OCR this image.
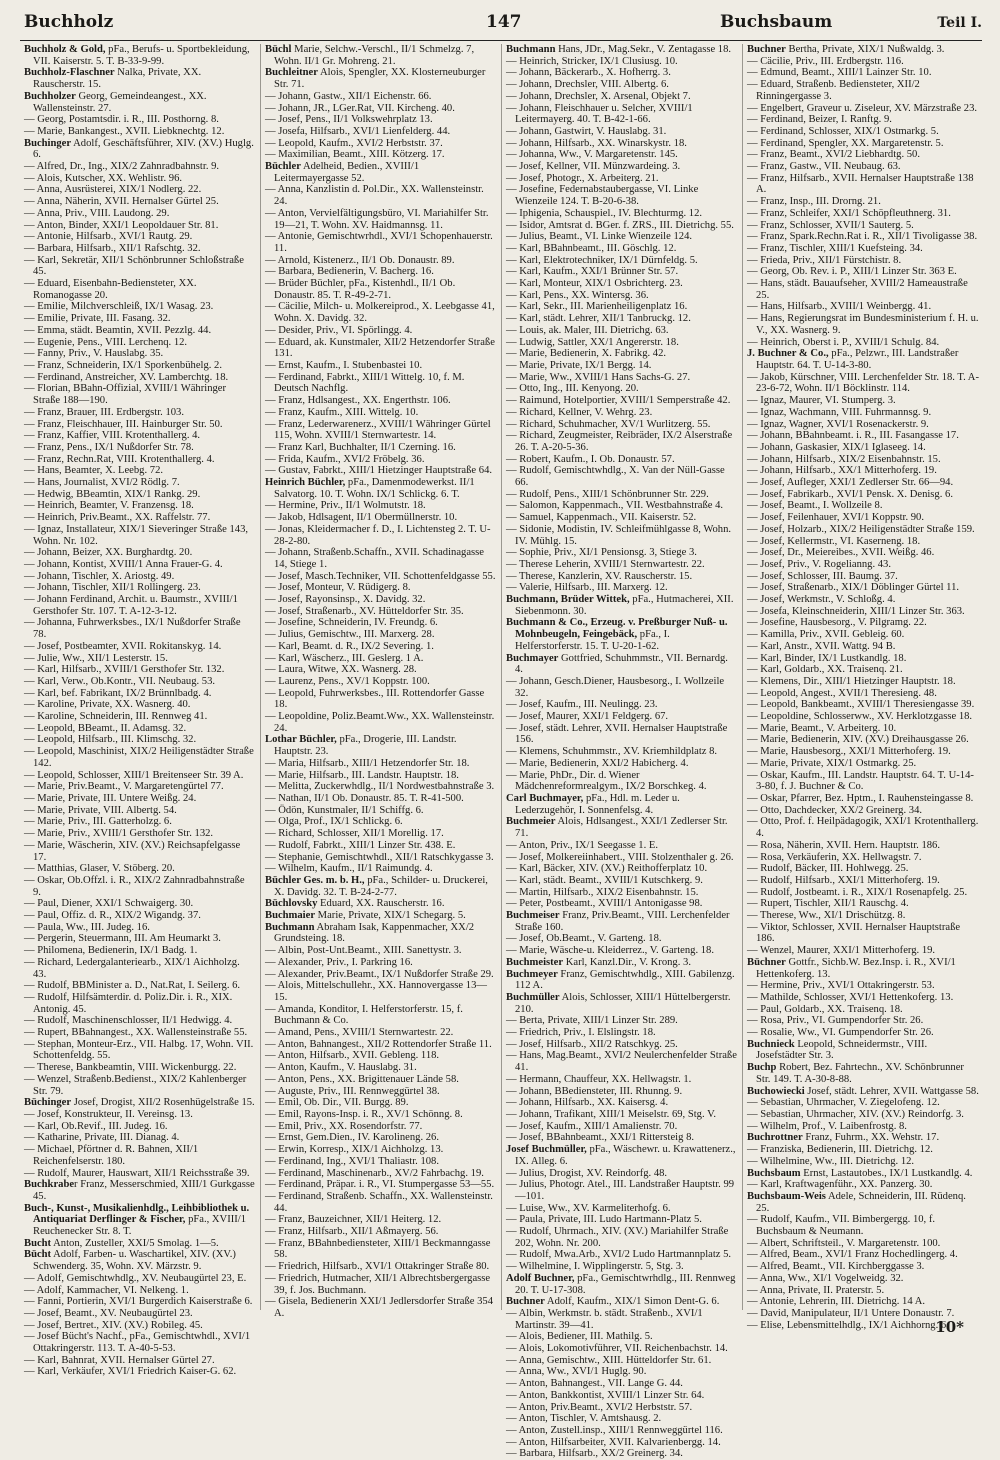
Buchholz	147	Buchsbaum	Teil I.
Buchholz & Gold, pFa., Berufs- u. Sportbekleidung, VII. Kaiserstr. 5. T. B-33-9-99.
Buchholz-Flaschner Nalka, Private, XX. Rauscherstr. 15.
Buchholzer Georg, Gemeindeangest., XX. Wallensteinstr. 27.
— Georg, Postamtsdir. i. R., III. Posthorng. 8.
— Marie, Bankangest., XVII. Liebknechtg. 12.
Buchinger Adolf, Geschäftsführer, XIV. (XV.) Huglg. 6.
— Alfred, Dr., Ing., XIX/2 Zahnradbahnstr. 9.
— Alois, Kutscher, XX. Wehlistr. 96.
— Anna, Ausrüsterei, XIX/1 Nodlerg. 22.
— Anna, Näherin, XVII. Hernalser Gürtel 25.
— Anna, Priv., VIII. Laudong. 29.
— Anton, Binder, XXI/1 Leopoldauer Str. 81.
— Antonie, Hilfsarb., XVI/1 Rautg. 29.
— Barbara, Hilfsarb., XII/1 Rafschtg. 32.
— Karl, Sekretär, XII/1 Schönbrunner Schloßstraße 45.
— Eduard, Eisenbahn-Bediensteter, XX. Romanogasse 20.
— Emilie, Milchverschleiß, IX/1 Wasag. 23.
— Emilie, Private, III. Fasang. 32.
— Emma, städt. Beamtin, XVII. Pezzlg. 44.
— Eugenie, Pens., VIII. Lerchenq. 12.
— Fanny, Priv., V. Hauslabg. 35.
— Franz, Schneiderin, IX/1 Sporkenbühelg. 2.
— Ferdinand, Anstreicher, XV. Lamberchtg. 18.
— Florian, BBahn-Offizial, XVIII/1 Währinger Straße 188—190.
— Franz, Brauer, III. Erdbergstr. 103.
— Franz, Fleischhauer, III. Hainburger Str. 50.
— Franz, Kaffier, VIII. Krotenthallerg. 4.
— Franz, Pens., IX/1 Nußdorfer Str. 78.
— Franz, Rechn.Rat, VIII. Krotenthallerg. 4.
— Hans, Beamter, X. Leebg. 72.
— Hans, Journalist, XVI/2 Rödlg. 7.
— Hedwig, BBeamtin, XIX/1 Rankg. 29.
— Heinrich, Beamter, V. Franzensg. 18.
— Heinrich, Priv.Beamt., XX. Raffelstr. 77.
— Ignaz, Installateur, XIX/1 Sieveringer Straße 143, Wohn. Nr. 102.
— Johann, Beizer, XX. Burghardtg. 20.
— Johann, Kontist, XVIII/1 Anna Frauer-G. 4.
— Johann, Tischler, X. Ariostg. 49.
— Johann, Tischler, XII/1 Rollingerg. 23.
— Johann Ferdinand, Archit. u. Baumstr., XVIII/1 Gersthofer Str. 107. T. A-12-3-12.
— Johanna, Fuhrwerksbes., IX/1 Nußdorfer Straße 78.
— Josef, Postbeamter, XVII. Rokitanskyg. 14.
— Julie, Ww., XII/1 Lesterstr. 15.
— Karl, Hilfsarb., XVIII/1 Gersthofer Str. 132.
— Karl, Verw., Ob.Kontr., VII. Neubaug. 53.
— Karl, bef. Fabrikant, IX/2 Brünnlbadg. 4.
— Karoline, Private, XX. Wasnerg. 40.
— Karoline, Schneiderin, III. Rennweg 41.
— Leopold, BBeamt., II. Adamsg. 32.
— Leopold, Hilfsarb., III. Klimschg. 32.
— Leopold, Maschinist, XIX/2 Heiligenstädter Straße 142.
— Leopold, Schlosser, XIII/1 Breitenseer Str. 39 A.
— Marie, Priv.Beamt., V. Margaretengürtel 77.
— Marie, Private, III. Untere Weißg. 24.
— Marie, Private, VIII. Albertg. 54.
— Marie, Priv., III. Gatterholzg. 6.
— Marie, Priv., XVIII/1 Gersthofer Str. 132.
— Marie, Wäscherin, XIV. (XV.) Reichsapfelgasse 17.
— Matthias, Glaser, V. Stöberg. 20.
— Oskar, Ob.Offzl. i. R., XIX/2 Zahnradbahnstraße 9.
— Paul, Diener, XXI/1 Schwaigerg. 30.
— Paul, Offiz. d. R., XIX/2 Wigandg. 37.
— Paula, Ww., III. Judeg. 16.
— Pergerin, Steuermann, III. Am Heumarkt 3.
— Philomena, Bedienerin, IX/1 Badg. 1.
— Richard, Ledergalanteriearb., XIX/1 Aichholzg. 43.
— Rudolf, BBMinister a. D., Nat.Rat, I. Seilerg. 6.
— Rudolf, Hilfsämterdir. d. Poliz.Dir. i. R., XIX. Antonig. 45.
— Rudolf, Maschinenschlosser, II/1 Hedwigg. 4.
— Rupert, BBahnangest., XX. Wallensteinstraße 55.
— Stephan, Monteur-Erz., VII. Halbg. 17, Wohn. VII. Schottenfeldg. 55.
— Therese, Bankbeamtin, VIII. Wickenburgg. 22.
— Wenzel, Straßenb.Bedienst., XIX/2 Kahlenberger Str. 79.
Büchinger Josef, Drogist, XII/2 Rosenhügelstraße 15.
— Josef, Konstrukteur, II. Vereinsg. 13.
— Karl, Ob.Revif., III. Judeg. 16.
— Katharine, Private, III. Dianag. 4.
— Michael, Pförtner d. R. Bahnen, XII/1 Reichenfelserstr. 180.
— Rudolf, Maurer, Hauswart, XII/1 Reichsstraße 39.
Buchkraber Franz, Messerschmied, XIII/1 Gurkgasse 45.
Buch-, Kunst-, Musikalienhdlg., Leihbibliothek u. Antiquariat Derflinger & Fischer, pFa., XVIII/1 Reuchenecker Str. 8. T.
Bucht Anton, Zusteller, XXI/5 Smolag. 1—5.
Bücht Adolf, Farben- u. Waschartikel, XIV. (XV.) Schwenderg. 35, Wohn. XV. Märzstr. 9.
— Adolf, Gemischtwhdlg., XV. Neubaugürtel 23, E.
— Adolf, Kammacher, VI. Nelkeng. 1.
— Fanni, Portierin, XVI/1 Burgerdich Kaiserstraße 6.
— Josef, Beamt., XV. Neubaugürtel 23.
— Josef, Bertret., XIV. (XV.) Robileg. 45.
— Josef Bücht's Nachf., pFa., Gemischtwhdl., XVI/1 Ottakringerstr. 113. T. A-40-5-53.
— Karl, Bahnrat, XVII. Hernalser Gürtel 27.
— Karl, Verkäufer, XVI/1 Friedrich Kaiser-G. 62.
Büchl Marie, Selchw.-Verschl., II/1 Schmelzg. 7, Wohn. II/1 Gr. Mohreng. 21.
Buchleitner Alois, Spengler, XX. Klosterneuburger Str. 71.
— Johann, Gastw., XII/1 Eichenstr. 66.
— Johann, JR., LGer.Rat, VII. Kircheng. 40.
— Josef, Pens., II/1 Volkswehrplatz 13.
— Josefa, Hilfsarb., XVI/1 Lienfelderg. 44.
— Leopold, Kaufm., XVI/2 Herbststr. 37.
— Maximilian, Beamt., XIII. Kötzerg. 17.
Büchler Adelheid, Bedien., XVIII/1 Leitermayergasse 52.
— Anna, Kanzlistin d. Pol.Dir., XX. Wallensteinstr. 24.
— Anton, Vervielfältigungsbüro, VI. Mariahilfer Str. 19—21, T. Wohn. XV. Haidmannsg. 11.
— Antonie, Gemischtwrhdl., XVI/1 Schopenhauerstr. 11.
— Arnold, Kistenerz., II/1 Ob. Donaustr. 89.
— Barbara, Bedienerin, V. Bacherg. 16.
— Brüder Büchler, pFa., Kistenhdl., II/1 Ob. Donaustr. 85. T. R-49-2-71.
— Cäcilie, Milch- u. Molkereiprod., X. Leebgasse 41, Wohn. X. Davidg. 32.
— Desider, Priv., VI. Spörlingg. 4.
— Eduard, ak. Kunstmaler, XII/2 Hetzendorfer Straße 131.
— Ernst, Kaufm., I. Stubenbastei 10.
— Ferdinand, Fabrkt., XIII/1 Wittelg. 10, f. M. Deutsch Nachflg.
— Franz, Hdlsangest., XX. Engerthstr. 106.
— Franz, Kaufm., XIII. Wittelg. 10.
— Franz, Lederwarenerz., XVIII/1 Währinger Gürtel 115, Wohn. XVIII/1 Sternwartestr. 14.
— Franz Karl, Buchhalter, II/1 Czerning. 16.
— Frida, Kaufm., XVI/2 Fröbelg. 36.
— Gustav, Fabrkt., XIII/1 Hietzinger Hauptstraße 64.
Heinrich Büchler, pFa., Damenmodewerkst. II/1 Salvatorg. 10. T. Wohn. IX/1 Schlickg. 6. T.
— Hermine, Priv., II/1 Wolmutstr. 18.
— Jakob, Hdlsagent, II/1 Obermüllnerstr. 10.
— Jonas, Kleidermacher f. D., I. Lichtensteg 2. T. U-28-2-80.
— Johann, Straßenb.Schaffn., XVII. Schadinagasse 14, Stiege 1.
— Josef, Masch.Techniker, VII. Schottenfeldgasse 55.
— Josef, Monteur, V. Rüdigerg. 8.
— Josef, Rayonsinsp., X. Davidg. 32.
— Josef, Straßenarb., XV. Hütteldorfer Str. 35.
— Josefine, Schneiderin, IV. Freundg. 6.
— Julius, Gemischtw., III. Marxerg. 28.
— Karl, Beamt. d. R., IX/2 Severing. 1.
— Karl, Wäscherz., III. Geslerg. 1 A.
— Laura, Witwe, XX. Wasnerg. 28.
— Laurenz, Pens., XV/1 Koppstr. 100.
— Leopold, Fuhrwerksbes., III. Rottendorfer Gasse 18.
— Leopoldine, Poliz.Beamt.Ww., XX. Wallensteinstr. 24.
Lothar Büchler, pFa., Drogerie, III. Landstr. Hauptstr. 23.
— Maria, Hilfsarb., XIII/1 Hetzendorfer Str. 18.
— Marie, Hilfsarb., III. Landstr. Hauptstr. 18.
— Melitta, Zuckerwhdlg., II/1 Nordwestbahnstraße 3.
— Nathan, II/1 Ob. Donaustr. 85. T. R-41-500.
— Ödön, Kunstmaler, II/1 Schiffg. 6.
— Olga, Prof., IX/1 Schlickg. 6.
— Richard, Schlosser, XII/1 Morellig. 17.
— Rudolf, Fabrkt., XIII/1 Linzer Str. 438. E.
— Stephanie, Gemischtwhdl., XII/1 Ratschkygasse 3.
— Wilhelm, Kaufm., II/1 Raimundg. 4.
Büchler Ges. m. b. H., pFa., Schilder- u. Druckerei, X. Davidg. 32. T. B-24-2-77.
Büchlovsky Eduard, XX. Rauscherstr. 16.
Buchmaier Marie, Private, XIX/1 Schegarg. 5.
Buchmann Abraham Isak, Kappenmacher, XX/2 Grundsteing. 18.
— Albin, Post-Unt.Beamt., XIII. Sanettystr. 3.
— Alexander, Priv., I. Parkring 16.
— Alexander, Priv.Beamt., IX/1 Nußdorfer Straße 29.
— Alois, Mittelschullehr., XX. Hannovergasse 13—15.
— Amanda, Konditor, I. Helferstorferstr. 15, f. Buchmann & Co.
— Amand, Pens., XVIII/1 Sternwartestr. 22.
— Anton, Bahnangest., XII/2 Rottendorfer Straße 11.
— Anton, Hilfsarb., XVII. Gebleng. 118.
— Anton, Kaufm., V. Hauslabg. 31.
— Anton, Pens., XX. Brigittenauer Lände 58.
— Auguste, Priv., III. Rennweggürtel 38.
— Emil, Ob. Dir., VII. Burgg. 89.
— Emil, Rayons-Insp. i. R., XV/1 Schönng. 8.
— Emil, Priv., XX. Rosendorfstr. 77.
— Ernst, Gem.Dien., IV. Karolineng. 26.
— Erwin, Korresp., XIX/1 Aichholzg. 13.
— Ferdinand, Ing., XVI/1 Thaliastr. 108.
— Ferdinand, Maschinenarb., XV/2 Fahrbachg. 19.
— Ferdinand, Präpar. i. R., VI. Stumpergasse 53—55.
— Ferdinand, Straßenb. Schaffn., XX. Wallensteinstr. 44.
— Franz, Bauzeichner, XII/1 Heiterg. 12.
— Franz, Hilfsarb., XII/1 Aßmayerg. 56.
— Franz, BBahnbediensteter, XIII/1 Beckmanngasse 58.
— Friedrich, Hilfsarb., XVI/1 Ottakringer Straße 80.
— Friedrich, Hutmacher, XII/1 Albrechtsbergergasse 39, f. Jos. Buchmann.
— Gisela, Bedienerin XXI/1 Jedlersdorfer Straße 354 A.
Buchmann Hans, JDr., Mag.Sekr., V. Zentagasse 18.
— Heinrich, Stricker, IX/1 Clusiusg. 10.
— Johann, Bäckerarb., X. Hofherrg. 3.
— Johann, Drechsler, VIII. Albertg. 6.
— Johann, Drechsler, X. Arsenal, Objekt 7.
— Johann, Fleischhauer u. Selcher, XVIII/1 Leitermayerg. 40. T. B-42-1-66.
— Johann, Gastwirt, V. Hauslabg. 31.
— Johann, Hilfsarb., XX. Winarskystr. 18.
— Johanna, Ww., V. Margaretenstr. 145.
— Josef, Kellner, VII. Münzwardeing. 3.
— Josef, Photogr., X. Arbeiterg. 21.
— Josefine, Federnabstaubergasse, VI. Linke Wienzeile 124. T. B-20-6-38.
— Iphigenia, Schauspiel., IV. Blechturmg. 12.
— Isidor, Amtsrat d. BGer. f. ZRS., III. Dietrichg. 55.
— Julius, Beamt., VI. Linke Wienzeile 124.
— Karl, BBahnbeamt., III. Göschlg. 12.
— Karl, Elektrotechniker, IX/1 Dürnfeldg. 5.
— Karl, Kaufm., XXI/1 Brünner Str. 57.
— Karl, Monteur, XIX/1 Osbrichterg. 23.
— Karl, Pens., XX. Wintersg. 36.
— Karl, Sekr., III. Marienheiligenplatz 16.
— Karl, städt. Lehrer, XII/1 Tanbruckg. 12.
— Louis, ak. Maler, III. Dietrichg. 63.
— Ludwig, Sattler, XX/1 Angererstr. 18.
— Marie, Bedienerin, X. Fabrikg. 42.
— Marie, Private, IX/1 Bergg. 14.
— Marie, Ww., XVIII/1 Hans Sachs-G. 27.
— Otto, Ing., III. Kenyong. 20.
— Raimund, Hotelportier, XVIII/1 Semperstraße 42.
— Richard, Kellner, V. Wehrg. 23.
— Richard, Schuhmacher, XV/1 Wurlitzerg. 55.
— Richard, Zeugmeister, Reibräder, IX/2 Alserstraße 26. T. A-20-5-36.
— Robert, Kaufm., I. Ob. Donaustr. 57.
— Rudolf, Gemischtwhdlg., X. Van der Nüll-Gasse 66.
— Rudolf, Pens., XIII/1 Schönbrunner Str. 229.
— Salomon, Kappenmach., VII. Westbahnstraße 4.
— Samuel, Kappenmach., VII. Kaiserstr. 52.
— Sidonie, Modistin, IV. Schleifmühlgasse 8, Wohn. IV. Mühlg. 15.
— Sophie, Priv., XI/1 Pensionsg. 3, Stiege 3.
— Therese Leherin, XVIII/1 Sternwartestr. 22.
— Therese, Kanzlerin, XV. Rauscherstr. 15.
— Valerie, Hilfsarb., III. Marxerg. 12.
Buchmann, Brüder Wittek, pFa., Hutmacherei, XII. Siebenmonn. 30.
Buchmann & Co., Erzeug. v. Preßburger Nuß- u. Mohnbeugeln, Feingebäck, pFa., I. Helferstorferstr. 15. T. U-20-1-62.
Buchmayer Gottfried, Schuhmmstr., VII. Bernardg. 4.
— Johann, Gesch.Diener, Hausbesorg., I. Wollzeile 32.
— Josef, Kaufm., III. Neulingg. 23.
— Josef, Maurer, XXI/1 Feldgerg. 67.
— Josef, städt. Lehrer, XVII. Hernalser Hauptstraße 156.
— Klemens, Schuhmmstr., XV. Kriemhildplatz 8.
— Marie, Bedienerin, XXI/2 Habicherg. 4.
— Marie, PhDr., Dir. d. Wiener Mädchenreformrealgym., IX/2 Borschkeg. 4.
Carl Buchmayer, pFa., Hdl. m. Leder u. Lederzugehör, I. Sonnenfelsg. 4.
Buchmeier Alois, Hdlsangest., XXI/1 Zedlerser Str. 71.
— Anton, Priv., IX/1 Seegasse 1. E.
— Josef, Molkereiinhabert., VIII. Stolzenthaler g. 26.
— Karl, Bäcker, XIV. (XV.) Reithofferplatz 10.
— Karl, städt. Beamt., XVIII/1 Kutschkerg. 9.
— Martin, Hilfsarb., XIX/2 Eisenbahnstr. 15.
— Peter, Postbeamt., XVIII/1 Antonigasse 98.
Buchmeiser Franz, Priv.Beamt., VIII. Lerchenfelder Straße 160.
— Josef, Ob.Beamt., V. Garteng. 18.
— Marie, Wäsche-u. Kleiderrez., V. Garteng. 18.
Buchmeister Karl, Kanzl.Dir., V. Krong. 3.
Buchmeyer Franz, Gemischtwhdlg., XIII. Gabilenzg. 112 A.
Buchmüller Alois, Schlosser, XIII/1 Hüttelbergerstr. 210.
— Berta, Private, XIII/1 Linzer Str. 289.
— Friedrich, Priv., I. Elslingstr. 18.
— Josef, Hilfsarb., XII/2 Ratschkyg. 25.
— Hans, Mag.Beamt., XVI/2 Neulerchenfelder Straße 41.
— Hermann, Chauffeur, XX. Hellwagstr. 1.
— Johann, BBediensteter, III. Rhunng. 9.
— Johann, Hilfsarb., XX. Kaisersg. 4.
— Johann, Trafikant, XIII/1 Meiselstr. 69, Stg. V.
— Josef, Kaufm., XIII/1 Amalienstr. 70.
— Josef, BBahnbeamt., XXI/1 Rittersteig 8.
Josef Buchmüller, pFa., Wäschewr. u. Krawattenerz., IX. Alleg. 6.
— Julius, Drogist, XV. Reindorfg. 48.
— Julius, Photogr. Atel., III. Landstraßer Hauptstr. 99—101.
— Luise, Ww., XV. Karmeliterhofg. 6.
— Paula, Private, III. Ludo Hartmann-Platz 5.
— Rudolf, Uhrmach., XIV. (XV.) Mariahilfer Straße 202, Wohn. Nr. 200.
— Rudolf, Mwa.Arb., XVI/2 Ludo Hartmannplatz 5.
— Wilhelmine, I. Wipplingerstr. 5, Stg. 3.
Adolf Buchner, pFa., Gemischtwrhdlg., III. Rennweg 20. T. U-17-308.
Buchner Adolf, Kaufm., XIX/1 Simon Dent-G. 6.
— Albin, Werkmstr. b. städt. Straßenb., XVI/1 Martinstr. 39—41.
— Alois, Bediener, III. Mathilg. 5.
— Alois, Lokomotivführer, VII. Reichenbachstr. 14.
— Anna, Gemischtw., XIII. Hütteldorfer Str. 61.
— Anna, Ww., XVI/1 Huglg. 90.
— Anton, Bahnangest., VII. Lange G. 44.
— Anton, Bankkontist, XVIII/1 Linzer Str. 64.
— Anton, Priv.Beamt., XVI/2 Herbststr. 57.
— Anton, Tischler, V. Amtshausg. 2.
— Anton, Zustell.insp., XIII/1 Rennweggürtel 116.
— Anton, Hilfsarbeiter, XVII. Kalvarienbergg. 14.
— Barbara, Hilfsarb., XX/2 Greinerg. 34.
Buchner Bertha, Private, XIX/1 Nußwaldg. 3.
— Cäcilie, Priv., III. Erdbergstr. 116.
— Edmund, Beamt., XIII/1 Lainzer Str. 10.
— Eduard, Straßenb. Bediensteter, XII/2 Rinningergasse 3.
— Engelbert, Graveur u. Ziseleur, XV. Märzstraße 23.
— Ferdinand, Beizer, I. Ranftg. 9.
— Ferdinand, Schlosser, XIX/1 Ostmarkg. 5.
— Ferdinand, Spengler, XX. Margaretenstr. 5.
— Franz, Beamt., XVI/2 Liebhardtg. 50.
— Franz, Gastw., VII. Neubaug. 63.
— Franz, Hilfsarb., XVII. Hernalser Hauptstraße 138 A.
— Franz, Insp., III. Drorng. 21.
— Franz, Schleifer, XXI/1 Schöpfleuthnerg. 31.
— Franz, Schlosser, XVII/1 Sauterg. 5.
— Franz, Spark.Rechn.Rat i. R., XII/1 Tivoligasse 38.
— Franz, Tischler, XIII/1 Kuefsteing. 34.
— Frieda, Priv., XII/1 Fürstchistr. 8.
— Georg, Ob. Rev. i. P., XIII/1 Linzer Str. 363 E.
— Hans, städt. Bauaufseher, XVIII/2 Hameaustraße 25.
— Hans, Hilfsarb., XVIII/1 Weinbergg. 41.
— Hans, Regierungsrat im Bundesministerium f. H. u. V., XX. Wasnerg. 9.
— Heinrich, Oberst i. P., XVIII/1 Schulg. 84.
J. Buchner & Co., pFa., Pelzwr., III. Landstraßer Hauptstr. 64. T. U-14-3-80.
— Jakob, Kürschner, VIII. Lerchenfelder Str. 18. T. A-23-6-72, Wohn. II/1 Böcklinstr. 114.
— Ignaz, Maurer, VI. Stumperg. 3.
— Ignaz, Wachmann, VIII. Fuhrmannsg. 9.
— Ignaz, Wagner, XVI/1 Rosenackerstr. 9.
— Johann, BBahnbeamt. i. R., III. Fasangasse 17.
— Johann, Gaskasier, XIX/1 Iglaseeg. 14.
— Johann, Hilfsarb., XIX/2 Eisenbahnstr. 15.
— Johann, Hilfsarb., XX/1 Mitterhoferg. 19.
— Josef, Aufleger, XXI/1 Zedlerser Str. 66—94.
— Josef, Fabrikarb., XVI/1 Pensk. X. Denisg. 6.
— Josef, Beamt., I. Wollzeile 8.
— Josef, Feilenhauer, XVI/1 Koppstr. 90.
— Josef, Holzarb., XIX/2 Heiligenstädter Straße 159.
— Josef, Kellermstr., VI. Kaserneng. 18.
— Josef, Dr., Meiereibes., XVII. Weißg. 46.
— Josef, Priv., V. Rogelianng. 43.
— Josef, Schlosser, III. Baumg. 37.
— Josef, Straßenarb., XIX/1 Döblinger Gürtel 11.
— Josef, Werkmstr., V. Schloßg. 4.
— Josefa, Kleinschneiderin, XIII/1 Linzer Str. 363.
— Josefine, Hausbesorg., V. Pilgramg. 22.
— Kamilla, Priv., XVII. Gebleig. 60.
— Karl, Anstr., XVII. Wattg. 94 B.
— Karl, Binder, IX/1 Lustkandlg. 18.
— Karl, Goldarb., XX. Traisenq. 21.
— Klemens, Dir., XIII/1 Hietzinger Hauptstr. 18.
— Leopold, Angest., XVII/1 Theresieng. 48.
— Leopold, Bankbeamt., XVIII/1 Theresiengasse 39.
— Leopoldine, Schlosserww., XV. Herklotzgasse 18.
— Marie, Beamt., V. Arbeiterg. 10.
— Marie, Bedienerin, XIV. (XV.) Dreihausgasse 26.
— Marie, Hausbesorg., XXI/1 Mitterhoferg. 19.
— Marie, Private, XIX/1 Ostmarkg. 25.
— Oskar, Kaufm., III. Landstr. Hauptstr. 64. T. U-14-3-80, f. J. Buchner & Co.
— Oskar, Pfarrer, Bez. Hptm., I. Rauhensteingasse 8.
— Otto, Dachdecker, XX/2 Greinerg. 34.
— Otto, Prof. f. Heilpädagogik, XXI/1 Krotenthallerg. 4.
— Rosa, Näherin, XVII. Hern. Hauptstr. 186.
— Rosa, Verkäuferin, XX. Hellwagstr. 7.
— Rudolf, Bäcker, III. Hohlwegg. 25.
— Rudolf, Hilfsarb., XXI/1 Mitterhoferg. 19.
— Rudolf, Jostbeamt. i. R., XIX/1 Rosenapfelg. 25.
— Rupert, Tischler, XII/1 Rauschg. 4.
— Therese, Ww., XI/1 Drischützg. 8.
— Viktor, Schlosser, XVII. Hernalser Hauptstraße 186.
— Wenzel, Maurer, XXI/1 Mitterhoferg. 19.
Büchner Gottfr., Sichb.W. Bez.Insp. i. R., XVI/1 Hettenkoferg. 13.
— Hermine, Priv., XVI/1 Ottakringerstr. 53.
— Mathilde, Schlosser, XVI/1 Hettenkoferg. 13.
— Paul, Goldarb., XX. Traisenq. 18.
— Rosa, Priv., VI. Gumpendorfer Str. 26.
— Rosalie, Ww., VI. Gumpendorfer Str. 26.
Buchnieck Leopold, Schneidermstr., VIII. Josefstädter Str. 3.
Buchp Robert, Bez. Fahrtechn., XV. Schönbrunner Str. 149. T. A-30-8-88.
Buchowiecki Josef, städt. Lehrer, XVII. Wattgasse 58.
— Sebastian, Uhrmacher, V. Ziegelofeng. 12.
— Sebastian, Uhrmacher, XIV. (XV.) Reindorfg. 3.
— Wilhelm, Prof., V. Laibenfrostg. 8.
Buchrottner Franz, Fuhrm., XX. Wehstr. 17.
— Franziska, Bedienerin, III. Dietrichg. 12.
— Wilhelmine, Ww., III. Dietrichg. 12.
Buchsbaum Ernst, Lastautobes., IX/1 Lustkandlg. 4.
— Karl, Kraftwagenführ., XX. Panzerg. 30.
Buchsbaum-Weis Adele, Schneiderin, III. Rüdenq. 25.
— Rudolf, Kaufm., VII. Bimbergergg. 10, f. Buchsbaum & Neumann.
— Albert, Schriftsteil., V. Margaretenstr. 100.
— Alfred, Beam., XVI/1 Franz Hochedlingerg. 4.
— Alfred, Beamt., VII. Kirchberggasse 3.
— Anna, Ww., XI/1 Vogelweidg. 32.
— Anna, Private, II. Praterstr. 5.
— Antonie, Lehrerin, III. Dietrichg. 14 A.
— David, Manipulateur, II/1 Untere Donaustr. 7.
— Elise, Lebensmittelhdlg., IX/1 Aichhorng. 6.
10*
